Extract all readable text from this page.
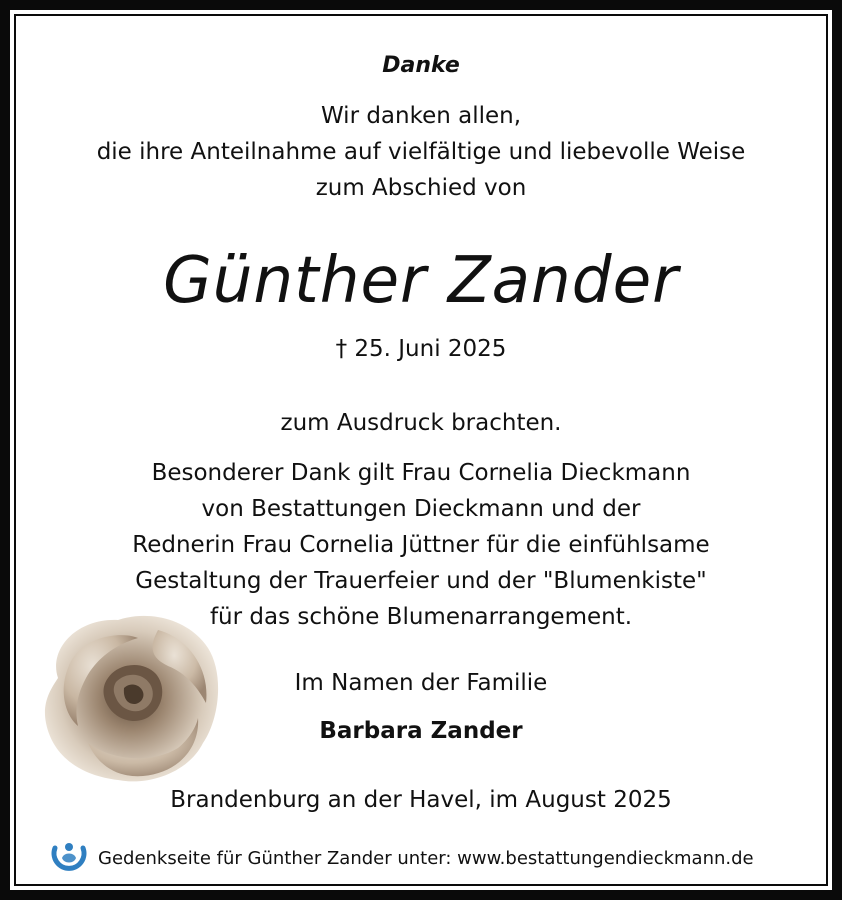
Danke
Wir danken allen,
die ihre Anteilnahme auf vielfältige und liebevolle Weise
zum Abschied von
Günther Zander
† 25. Juni 2025
zum Ausdruck brachten.
Besonderer Dank gilt Frau Cornelia Dieckmann
von Bestattungen Dieckmann und der
Rednerin Frau Cornelia Jüttner für die einfühlsame
Gestaltung der Trauerfeier und der "Blumenkiste"
für das schöne Blumenarrangement.
Im Namen der Familie
Barbara Zander
Brandenburg an der Havel, im August 2025
Gedenkseite für Günther Zander unter: www.bestattungendieckmann.de
